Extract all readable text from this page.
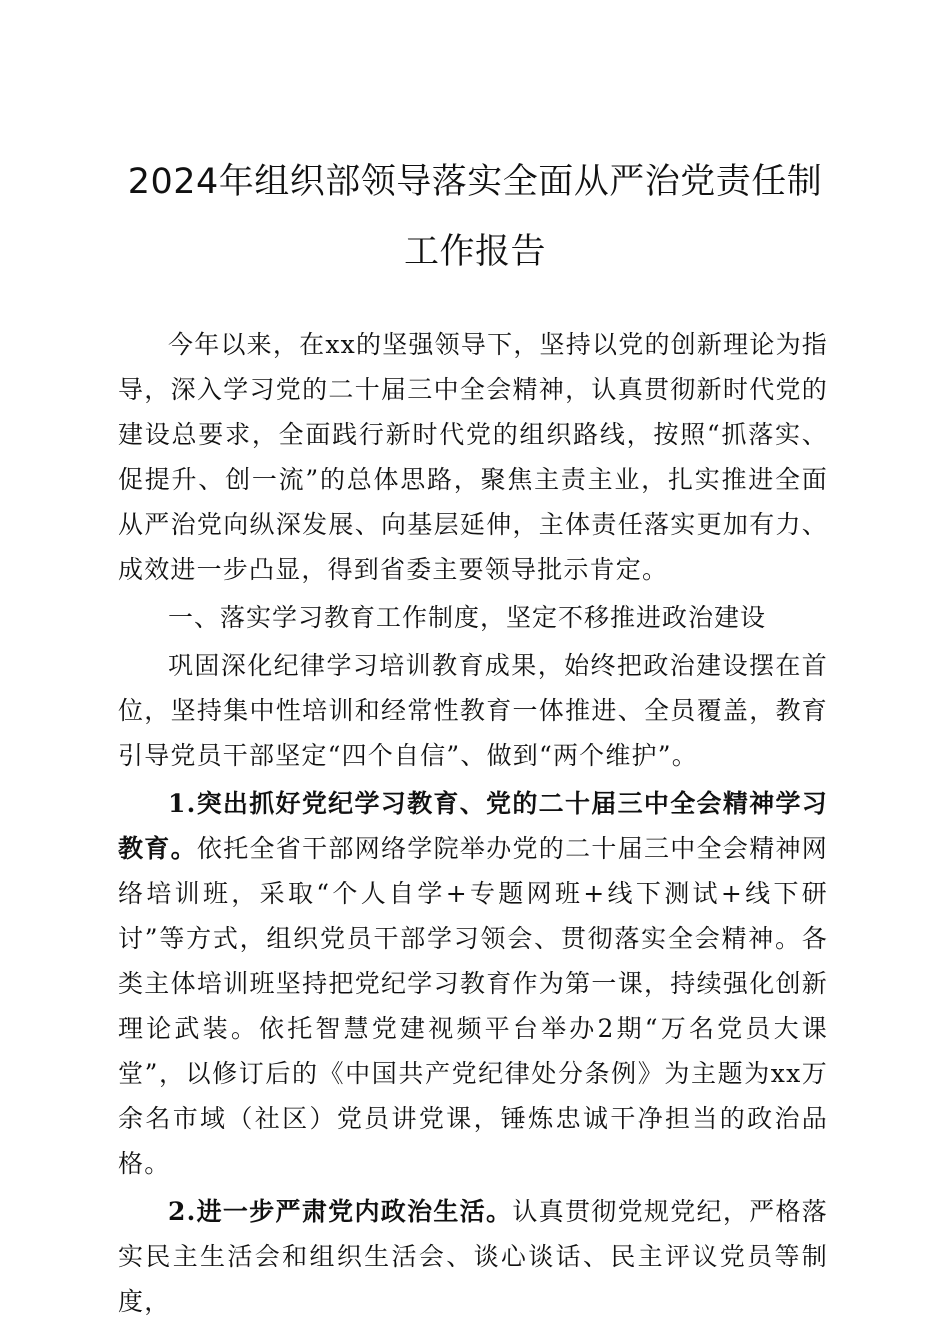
2024年组织部领导落实全面从严治党责任制
工作报告

今年以来，在xx的坚强领导下，坚持以党的创新理论为指导，深入学习党的二十届三中全会精神，认真贯彻新时代党的建设总要求，全面践行新时代党的组织路线，按照“抓落实、促提升、创一流”的总体思路，聚焦主责主业，扎实推进全面从严治党向纵深发展、向基层延伸，主体责任落实更加有力、成效进一步凸显，得到省委主要领导批示肯定。

一、落实学习教育工作制度，坚定不移推进政治建设

巩固深化纪律学习培训教育成果，始终把政治建设摆在首位，坚持集中性培训和经常性教育一体推进、全员覆盖，教育引导党员干部坚定“四个自信”、做到“两个维护”。

1.突出抓好党纪学习教育、党的二十届三中全会精神学习教育。依托全省干部网络学院举办党的二十届三中全会精神网络培训班，采取“个人自学+专题网班+线下测试+线下研讨”等方式，组织党员干部学习领会、贯彻落实全会精神。各类主体培训班坚持把党纪学习教育作为第一课，持续强化创新理论武装。依托智慧党建视频平台举办2期“万名党员大课堂”，以修订后的《中国共产党纪律处分条例》为主题为xx万余名市域（社区）党员讲党课，锤炼忠诚干净担当的政治品格。

2.进一步严肃党内政治生活。认真贯彻党规党纪，严格落实民主生活会和组织生活会、谈心谈话、民主评议党员等制度，
